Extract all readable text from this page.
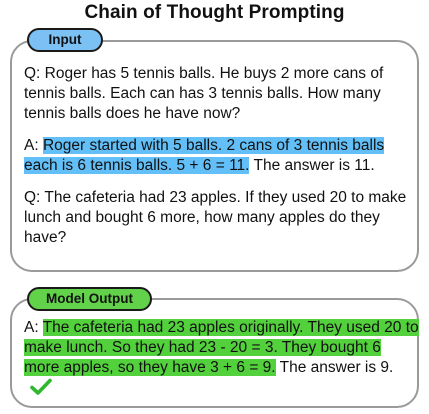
Chain of Thought Prompting

Q: Roger has 5 tennis balls. He buys 2 more cans of tennis balls. Each can has 3 tennis balls. How many tennis balls does he have now?

A: Roger started with 5 balls. 2 cans of 3 tennis balls each is 6 tennis balls. 5 + 6 = 11. The answer is 11.

Q: The cafeteria had 23 apples. If they used 20 to make lunch and bought 6 more, how many apples do they have?

Input

A: The cafeteria had 23 apples originally. They used 20 to make lunch. So they had 23 - 20 = 3. They bought 6 more apples, so they have 3 + 6 = 9. The answer is 9.

Model Output
